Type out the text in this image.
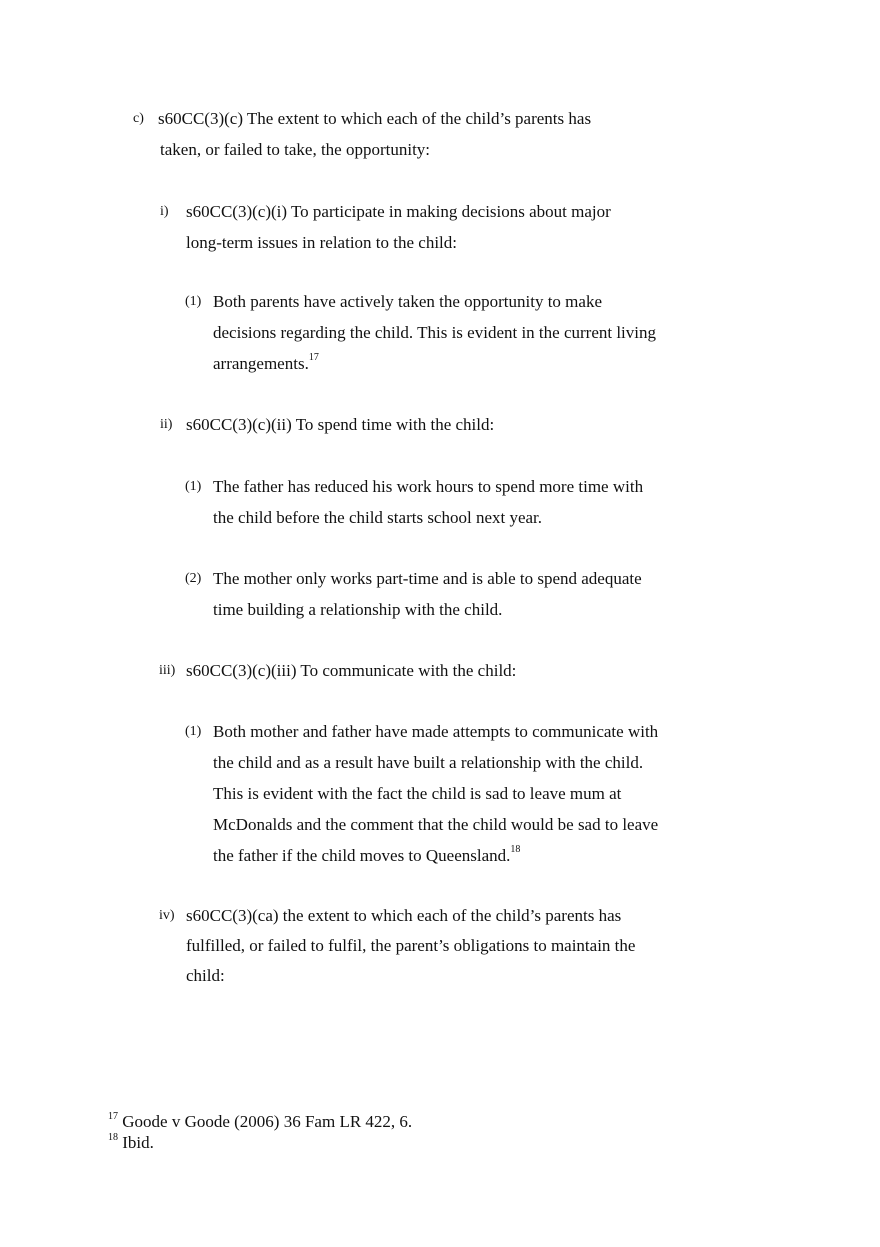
c) s60CC(3)(c) The extent to which each of the child’s parents has
taken, or failed to take, the opportunity:
i) s60CC(3)(c)(i) To participate in making decisions about major
long-term issues in relation to the child:
(1) Both parents have actively taken the opportunity to make
decisions regarding the child. This is evident in the current living
arrangements.$^{17}$
ii) s60CC(3)(c)(ii) To spend time with the child:
(1) The father has reduced his work hours to spend more time with
the child before the child starts school next year.
(2) The mother only works part-time and is able to spend adequate
time building a relationship with the child.
iii) s60CC(3)(c)(iii) To communicate with the child:
(1) Both mother and father have made attempts to communicate with
the child and as a result have built a relationship with the child.
This is evident with the fact the child is sad to leave mum at
McDonalds and the comment that the child would be sad to leave
the father if the child moves to Queensland.$^{18}$
iv) s60CC(3)(ca) the extent to which each of the child’s parents has
fulfilled, or failed to fulfil, the parent’s obligations to maintain the
child:
$^{17}$ Goode v Goode (2006) 36 Fam LR 422, 6.
$^{18}$ Ibid.
